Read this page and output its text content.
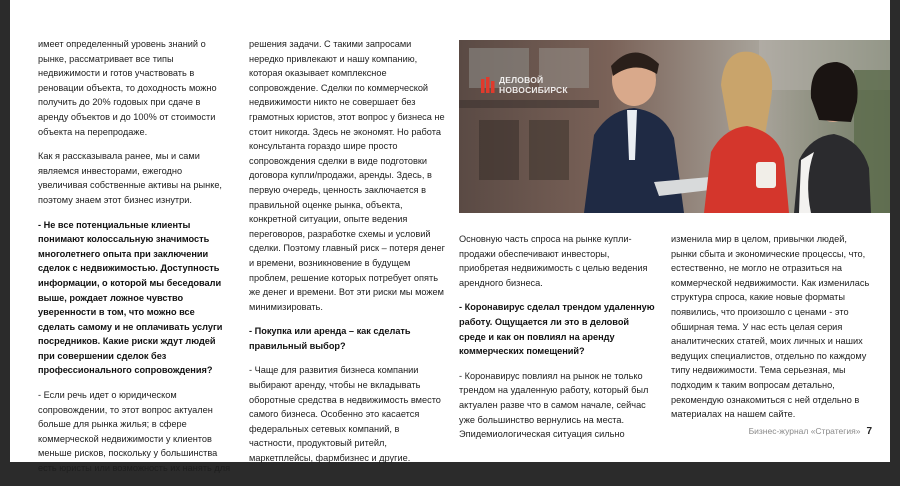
имеет определенный уровень знаний о рынке, рассматривает все типы недвижимости и готов участвовать в реновации объекта, то доходность можно получить до 20% годовых при сдаче в аренду объектов и до 100% от стоимости объекта на перепродаже.

Как я рассказывала ранее, мы и сами являемся инвесторами, ежегодно увеличивая собственные активы на рынке, поэтому знаем этот бизнес изнутри.

- Не все потенциальные клиенты понимают колоссальную значимость многолетнего опыта при заключении сделок с недвижимостью. Доступность информации, о которой мы беседовали выше, рождает ложное чувство уверенности в том, что можно все сделать самому и не оплачивать услуги посредников. Какие риски ждут людей при совершении сделок без профессионального сопровождения?

- Если речь идет о юридическом сопровождении, то этот вопрос актуален больше для рынка жилья; в сфере коммерческой недвижимости у клиентов меньше рисков, поскольку у большинства есть юристы или возможность их нанять для

решения задачи. С такими запросами нередко привлекают и нашу компанию, которая оказывает комплексное сопровождение. Сделки по коммерческой недвижимости никто не совершает без грамотных юристов, этот вопрос у бизнеса не стоит никогда. Здесь не экономят. Но работа консультанта гораздо шире просто сопровождения сделки в виде подготовки договора купли/продажи, аренды. Здесь, в первую очередь, ценность заключается в правильной оценке рынка, объекта, конкретной ситуации, опыте ведения переговоров, разработке схемы и условий сделки. Поэтому главный риск – потеря денег и времени, возникновение в будущем проблем, решение которых потребует опять же денег и времени. Вот эти риски мы можем минимизировать.

- Покупка или аренда – как сделать правильный выбор?

- Чаще для развития бизнеса компании выбирают аренду, чтобы не вкладывать оборотные средства в недвижимость вместо самого бизнеса. Особенно это касается федеральных сетевых компаний, в частности, продуктовый ритейл, маркетплейсы, фармбизнес и другие.

ДЕЛОВОЙ
НОВОСИБИРСК

Основную часть спроса на рынке купли-продажи обеспечивают инвесторы, приобретая недвижимость с целью ведения арендного бизнеса.

- Коронавирус сделал трендом удаленную работу. Ощущается ли это в деловой среде и как он повлиял на аренду коммерческих помещений?

- Коронавирус повлиял на рынок не только трендом на удаленную работу, который был актуален разве что в самом начале, сейчас уже большинство вернулись на места. Эпидемиологическая ситуация сильно

изменила мир в целом, привычки людей, рынки сбыта и экономические процессы, что, естественно, не могло не отразиться на коммерческой недвижимости. Как изменилась структура спроса, какие новые форматы появились, что произошло с ценами - это обширная тема. У нас есть целая серия аналитических статей, моих личных и наших ведущих специалистов, отдельно по каждому типу недвижимости. Тема серьезная, мы подходим к таким вопросам детально, рекомендую ознакомиться с ней отдельно в материалах на нашем сайте.

Бизнес-журнал «Стратегия» 7
